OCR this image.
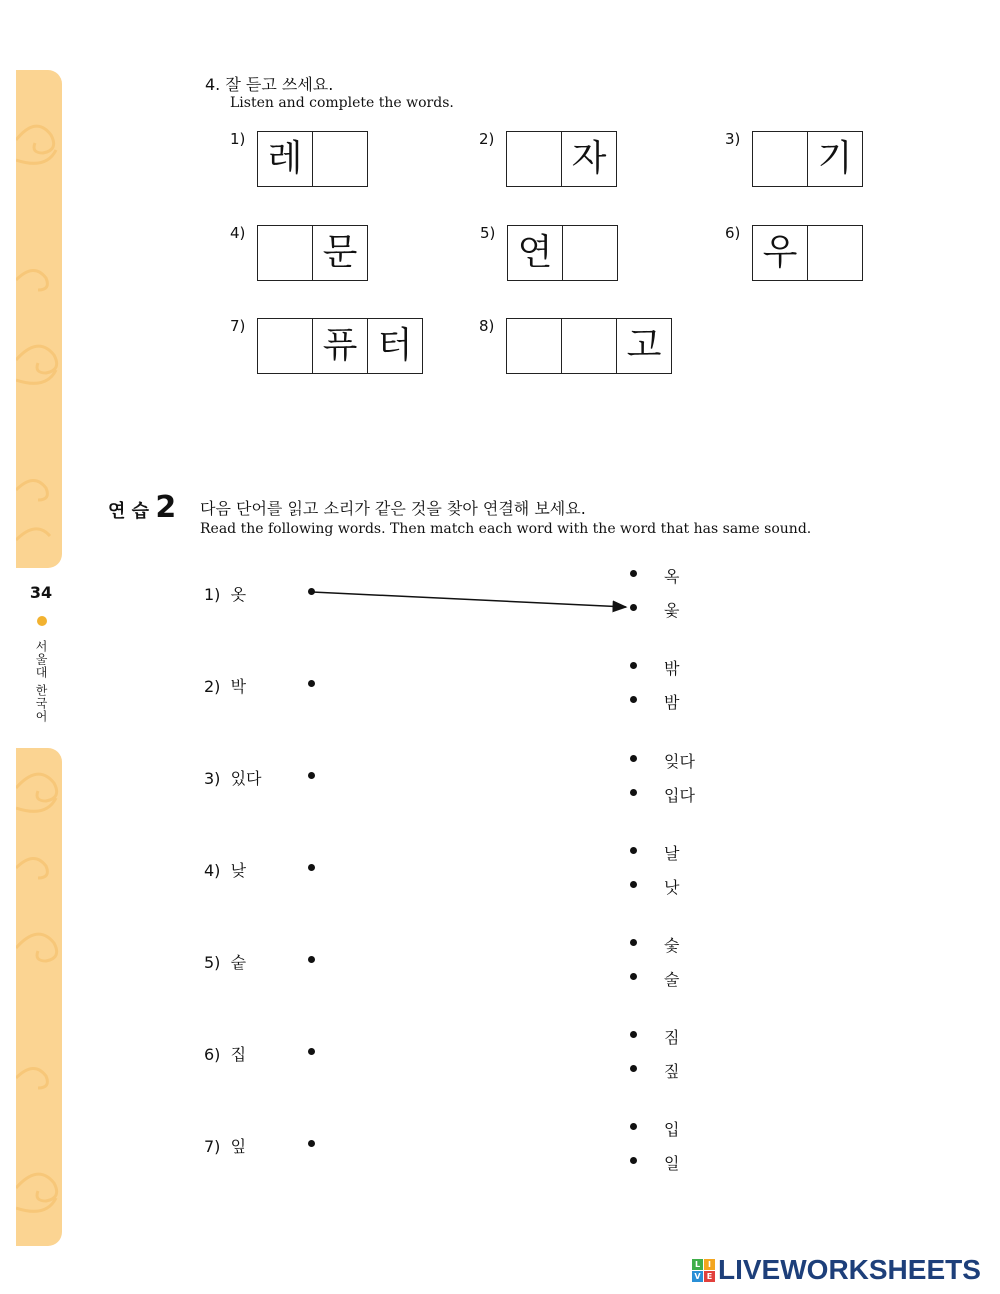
34
서울대 한국어
4. 잘 듣고 쓰세요.
Listen and complete the words.
1) 레	2) 자	3) 기
4) 문	5) 연	6) 우
7) 퓨 터	8)	고
연 습 2 다음 단어를 읽고 소리가 같은 것을 찾아 연결해 보세요.
Read the following words. Then match each word with the word that has same sound.
1) 옷
옥
옻
2) 박
밖
밤
3) 있다
잊다
입다
4) 낮
날
낫
5) 숱
숯
술
6) 집
짐
짚
7) 잎
입
일
L I
V E LIVEWORKSHEETS
